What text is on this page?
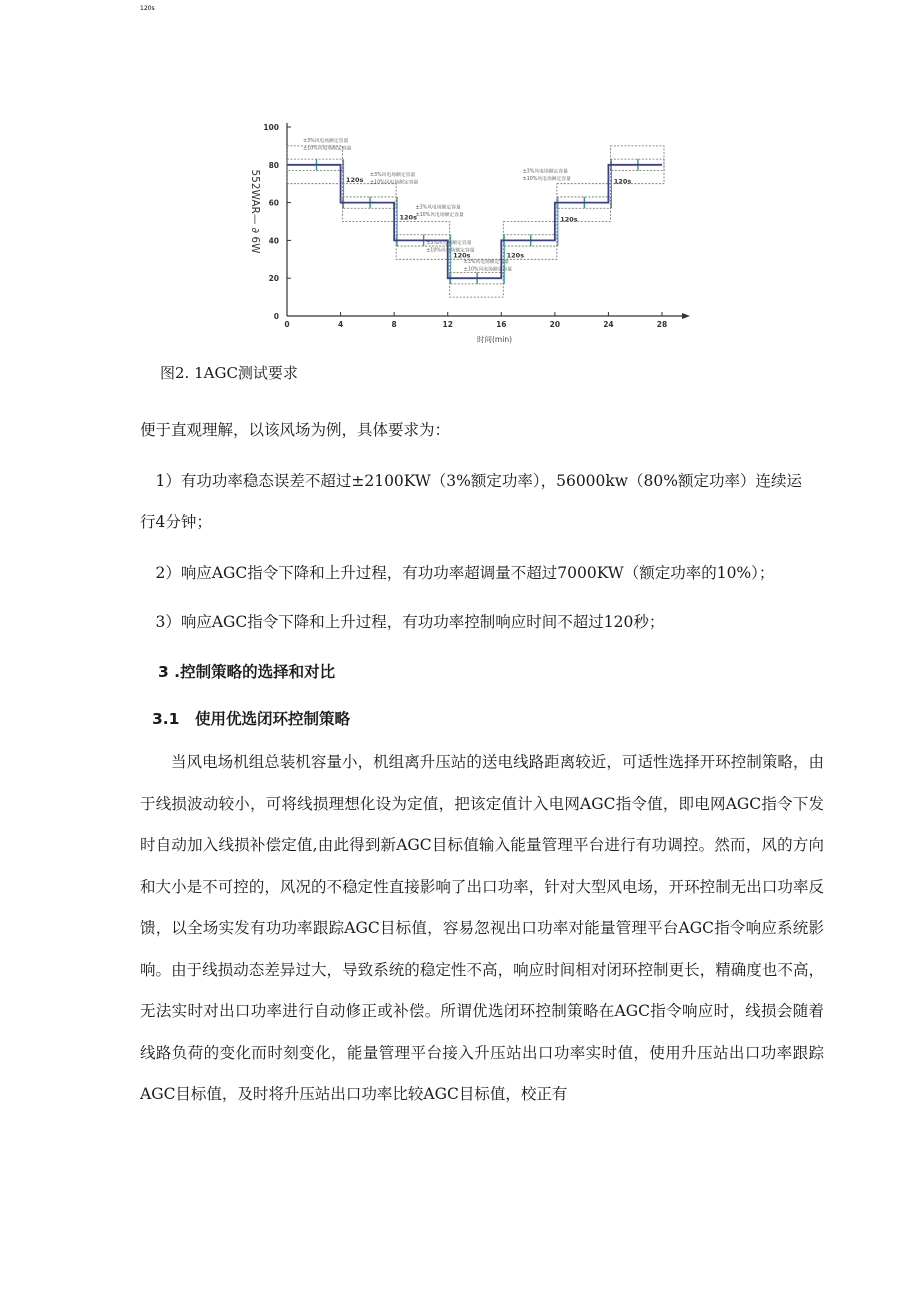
100
80
60
40
20
0
0	4	8	12	16	20	24	28
时间(min)
552WAR— ∂ 6W	120s
120s
120s	120s
120s
120s
120s
±3%风电场额定容量
±10%风电场额定容量
±3%风电场额定容量
±10%风电场额定容量
±3%风电场额定容量
±10%风电场额定容量
±3%风电场额定容量
±10%风电场额定容量
±3%风电场额定容量
±10%风电场额定容量
±3%风电场额定容量
±10%风电场额定容量
图2. 1AGC测试要求
便于直观理解，以该风场为例，具体要求为：
1）有功功率稳态误差不超过±2100KW（3%额定功率），56000kw（80%额定功率）连续运
行4分钟；
2）响应AGC指令下降和上升过程，有功功率超调量不超过7000KW（额定功率的10%）；
3）响应AGC指令下降和上升过程，有功功率控制响应时间不超过120秒；
3 .控制策略的选择和对比
3.1　使用优选闭环控制策略
当风电场机组总装机容量小，机组离升压站的送电线路距离较近，可适性选择开环控制策略，由于线损波动较小，可将线损理想化设为定值，把该定值计入电网AGC指令值，即电网AGC指令下发时自动加入线损补偿定值,由此得到新AGC目标值输入能量管理平台进行有功调控。然而，风的方向和大小是不可控的，风况的不稳定性直接影响了出口功率，针对大型风电场，开环控制无出口功率反馈，以全场实发有功功率跟踪AGC目标值，容易忽视出口功率对能量管理平台AGC指令响应系统影响。由于线损动态差异过大，导致系统的稳定性不高，响应时间相对闭环控制更长，精确度也不高，无法实时对出口功率进行自动修正或补偿。所谓优选闭环控制策略在AGC指令响应时，线损会随着线路负荷的变化而时刻变化，能量管理平台接入升压站出口功率实时值，使用升压站出口功率跟踪AGC目标值，及时将升压站出口功率比较AGC目标值，校正有
